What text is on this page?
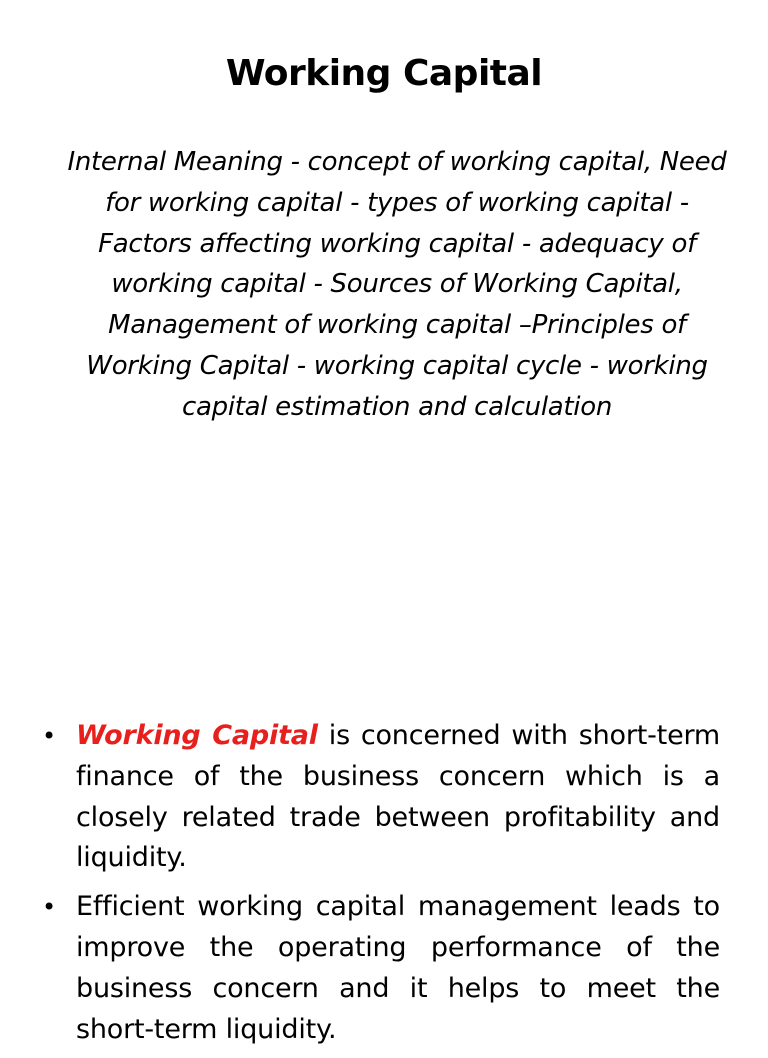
Working Capital
Internal Meaning - concept of working capital, Need for working capital - types of working capital - Factors affecting working capital - adequacy of working capital - Sources of Working Capital, Management of working capital –Principles of Working Capital - working capital cycle - working capital estimation and calculation
• Working Capital is concerned with short-term finance of the business concern which is a closely related trade between profitability and liquidity.
• Efficient working capital management leads to improve the operating performance of the business concern and it helps to meet the short-term liquidity.
